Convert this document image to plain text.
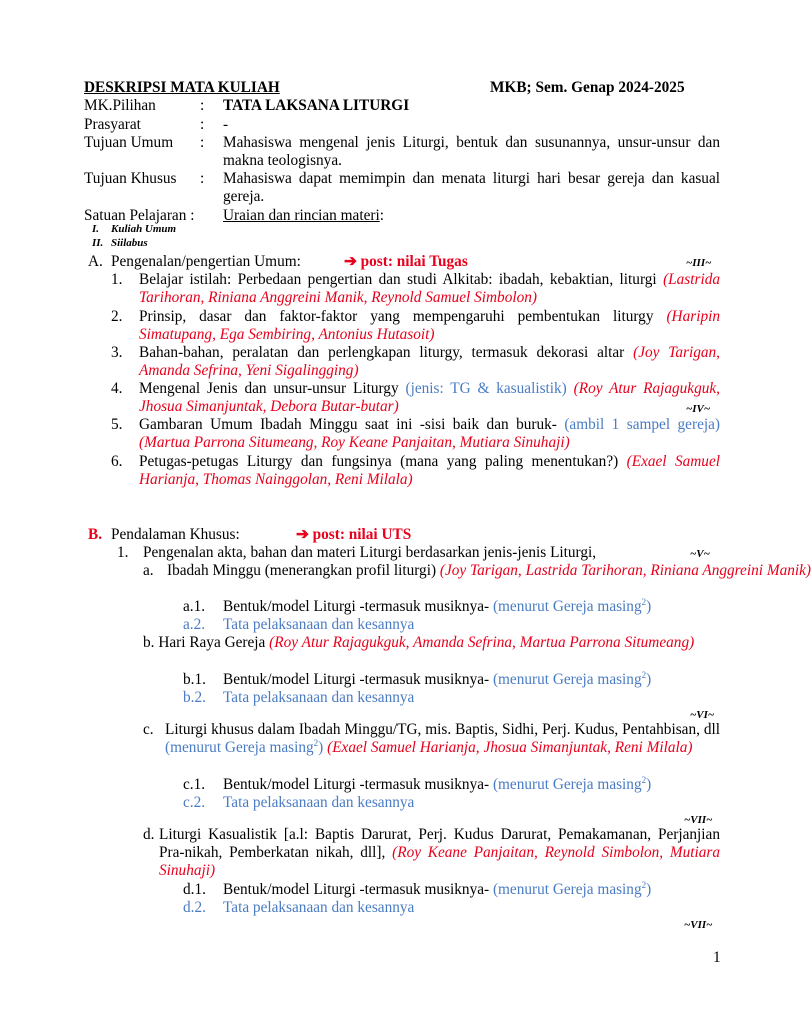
DESKRIPSI MATA KULIAH	MKB; Sem. Genap 2024-2025
MK.Pilihan	: TATA LAKSANA LITURGI
Prasyarat	: -
Tujuan Umum : Mahasiswa mengenal jenis Liturgi, bentuk dan susunannya, unsur-unsur dan makna teologisnya.
Tujuan Khusus : Mahasiswa dapat memimpin dan menata liturgi hari besar gereja dan kasual gereja.
Satuan Pelajaran : Uraian dan rincian materi:
I. Kuliah Umum
II. Siilabus
A. Pengenalan/pengertian Umum:	➔ post: nilai Tugas	~III~
1. Belajar istilah: Perbedaan pengertian dan studi Alkitab: ibadah, kebaktian, liturgi (Lastrida Tarihoran, Riniana Anggreini Manik, Reynold Samuel Simbolon)
2. Prinsip, dasar dan faktor-faktor yang mempengaruhi pembentukan liturgy (Haripin Simatupang, Ega Sembiring, Antonius Hutasoit)
3. Bahan-bahan, peralatan dan perlengkapan liturgy, termasuk dekorasi altar (Joy Tarigan, Amanda Sefrina, Yeni Sigalingging)
4. Mengenal Jenis dan unsur-unsur Liturgy (jenis: TG & kasualistik) (Roy Atur Rajagukguk, Jhosua Simanjuntak, Debora Butar-butar)	~IV~
5. Gambaran Umum Ibadah Minggu saat ini -sisi baik dan buruk- (ambil 1 sampel gereja) (Martua Parrona Situmeang, Roy Keane Panjaitan, Mutiara Sinuhaji)
6. Petugas-petugas Liturgy dan fungsinya (mana yang paling menentukan?) (Exael Samuel Harianja, Thomas Nainggolan, Reni Milala)
B. Pendalaman Khusus:	➔ post: nilai UTS
1. Pengenalan akta, bahan dan materi Liturgi berdasarkan jenis-jenis Liturgi,	~V~
a. Ibadah Minggu (menerangkan profil liturgi) (Joy Tarigan, Lastrida Tarihoran, Riniana Anggreini Manik)
a.1. Bentuk/model Liturgi -termasuk musiknya- (menurut Gereja masing$^2$)
a.2. Tata pelaksanaan dan kesannya
b. Hari Raya Gereja (Roy Atur Rajagukguk, Amanda Sefrina, Martua Parrona Situmeang)
b.1. Bentuk/model Liturgi -termasuk musiknya- (menurut Gereja masing$^2$)
b.2. Tata pelaksanaan dan kesannya
~VI~
c. Liturgi khusus dalam Ibadah Minggu/TG, mis. Baptis, Sidhi, Perj. Kudus, Pentahbisan, dll (menurut Gereja masing$^2$) (Exael Samuel Harianja, Jhosua Simanjuntak, Reni Milala)
c.1. Bentuk/model Liturgi -termasuk musiknya- (menurut Gereja masing$^2$)
c.2. Tata pelaksanaan dan kesannya
~VII~
d. Liturgi Kasualistik [a.l: Baptis Darurat, Perj. Kudus Darurat, Pemakamanan, Perjanjian Pra-nikah, Pemberkatan nikah, dll], (Roy Keane Panjaitan, Reynold Simbolon, Mutiara Sinuhaji)
d.1. Bentuk/model Liturgi -termasuk musiknya- (menurut Gereja masing$^2$)
d.2. Tata pelaksanaan dan kesannya
~VII~
1
